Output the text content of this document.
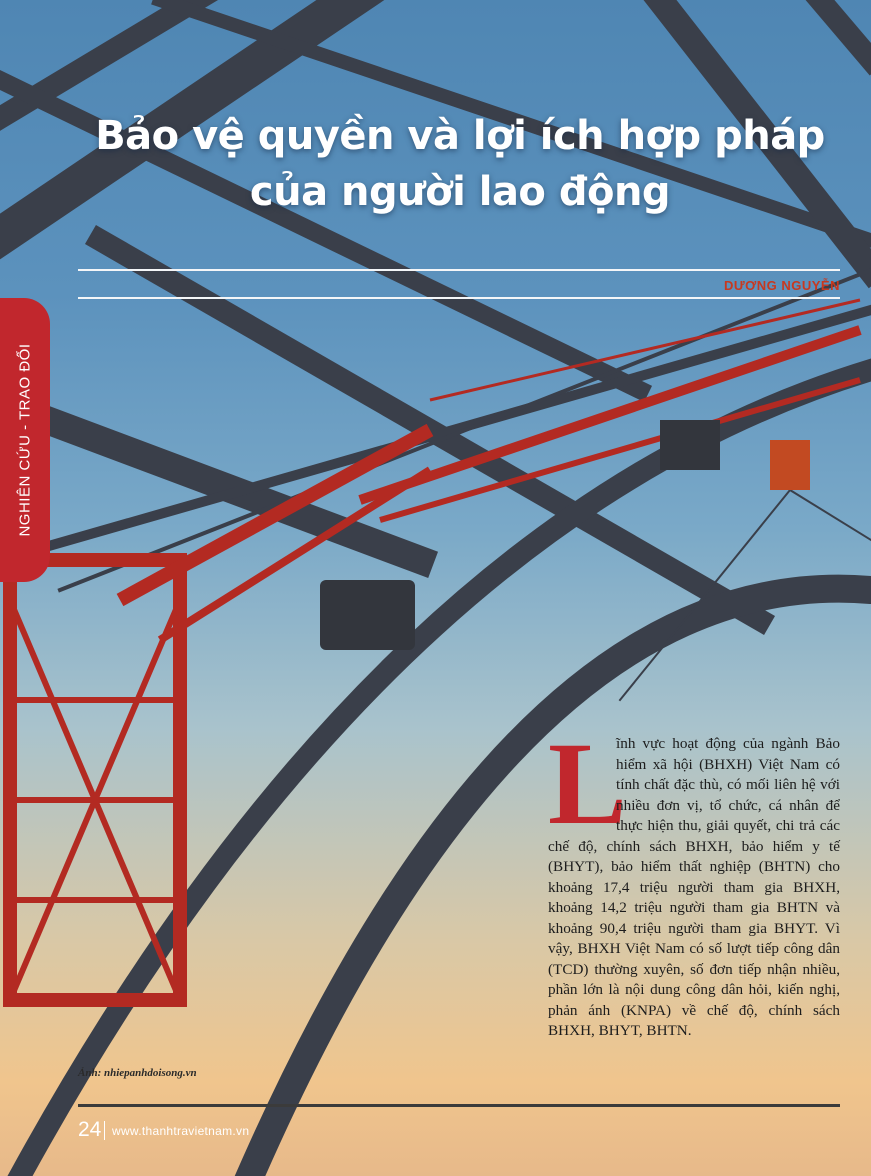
Bảo vệ quyền và lợi ích hợp pháp
của người lao động
DƯƠNG NGUYỄN
NGHIÊN CỨU - TRAO ĐỔI
L
ĩnh vực hoạt động của ngành Bảo hiểm xã hội (BHXH) Việt Nam có tính chất đặc thù, có mối liên hệ với nhiều đơn vị, tổ chức, cá nhân để thực hiện thu, giải quyết, chi trả các chế độ, chính sách BHXH, bảo hiểm y tế (BHYT), bảo hiểm thất nghiệp (BHTN) cho khoảng 17,4 triệu người tham gia BHXH, khoảng 14,2 triệu người tham gia BHTN và khoảng 90,4 triệu người tham gia BHYT. Vì vậy, BHXH Việt Nam có số lượt tiếp công dân (TCD) thường xuyên, số đơn tiếp nhận nhiều, phần lớn là nội dung công dân hỏi, kiến nghị, phản ánh (KNPA) về chế độ, chính sách BHXH, BHYT, BHTN.
Ảnh: nhiepanhdoisong.vn
24 www.thanhtravietnam.vn
